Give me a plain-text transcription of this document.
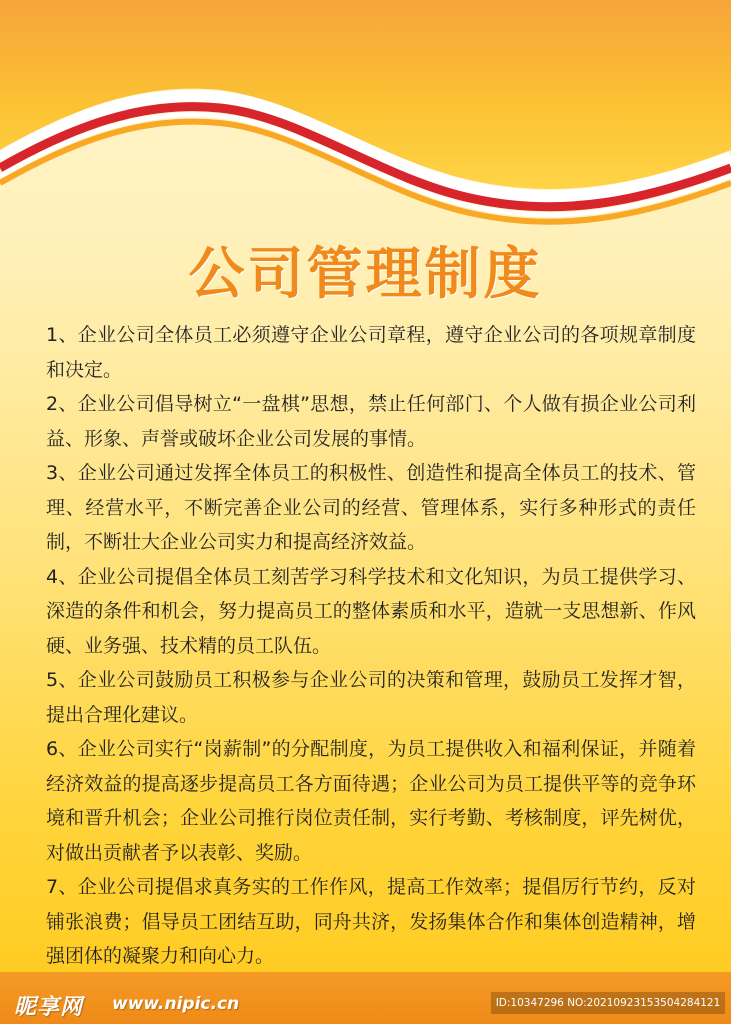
公司管理制度

1、企业公司全体员工必须遵守企业公司章程，遵守企业公司的各项规章制度和决定。

2、企业公司倡导树立“一盘棋”思想，禁止任何部门、个人做有损企业公司利益、形象、声誉或破坏企业公司发展的事情。

3、企业公司通过发挥全体员工的积极性、创造性和提高全体员工的技术、管理、经营水平，不断完善企业公司的经营、管理体系，实行多种形式的责任制，不断壮大企业公司实力和提高经济效益。

4、企业公司提倡全体员工刻苦学习科学技术和文化知识，为员工提供学习、深造的条件和机会，努力提高员工的整体素质和水平，造就一支思想新、作风硬、业务强、技术精的员工队伍。

5、企业公司鼓励员工积极参与企业公司的决策和管理，鼓励员工发挥才智，提出合理化建议。

6、企业公司实行“岗薪制”的分配制度，为员工提供收入和福利保证，并随着经济效益的提高逐步提高员工各方面待遇；企业公司为员工提供平等的竞争环境和晋升机会；企业公司推行岗位责任制，实行考勤、考核制度，评先树优，对做出贡献者予以表彰、奖励。

7、企业公司提倡求真务实的工作作风，提高工作效率；提倡厉行节约，反对铺张浪费；倡导员工团结互助，同舟共济，发扬集体合作和集体创造精神，增强团体的凝聚力和向心力。

昵享网 www.nipic.cn	ID:10347296 NO:20210923153504284121
